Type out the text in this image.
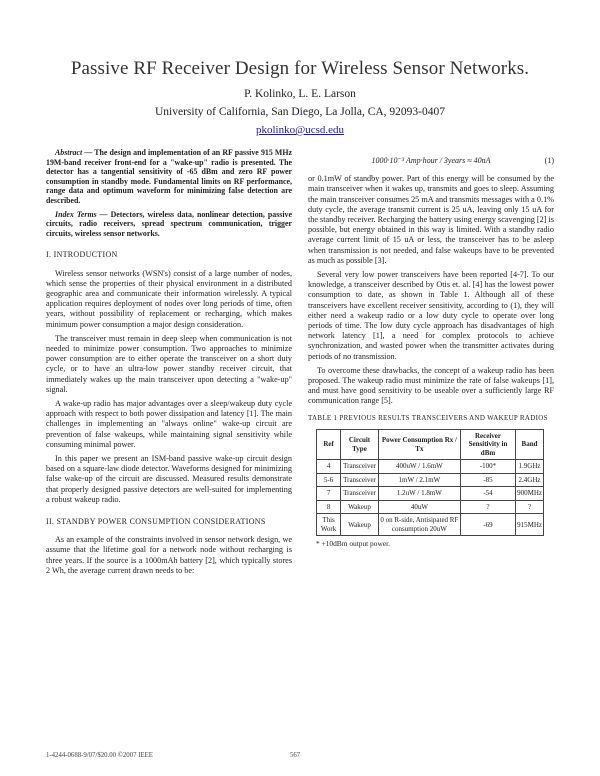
Passive RF Receiver Design for Wireless Sensor Networks.
P. Kolinko, L. E. Larson
University of California, San Diego, La Jolla, CA, 92093-0407
pkolinko@ucsd.edu

Abstract — The design and implementation of an RF passive 915 MHz 19M-band receiver front-end for a "wake-up" radio is presented. The detector has a tangential sensitivity of -65 dBm and zero RF power consumption in standby mode. Fundamental limits on RF performance, range data and optimum waveform for minimizing false detection are described.

Index Terms — Detectors, wireless data, nonlinear detection, passive circuits, radio receivers, spread spectrum communication, trigger circuits, wireless sensor networks.

I. INTRODUCTION

Wireless sensor networks (WSN's) consist of a large number of nodes, which sense the properties of their physical environment in a distributed geographic area and communicate their information wirelessly. A typical application requires deployment of nodes over long periods of time, often years, without possibility of replacement or recharging, which makes minimum power consumption a major design consideration.

The transceiver must remain in deep sleep when communication is not needed to minimize power consumption. Two approaches to minimize power consumption are to either operate the transceiver on a short duty cycle, or to have an ultra-low power standby receiver circuit, that immediately wakes up the main transceiver upon detecting a "wake-up" signal.

A wake-up radio has major advantages over a sleep/wakeup duty cycle approach with respect to both power dissipation and latency [1]. The main challenges in implementing an "always online" wake-up circuit are prevention of false wakeups, while maintaining signal sensitivity while consuming minimal power.

In this paper we present an ISM-band passive wake-up circuit design based on a square-law diode detector. Waveforms designed for minimizing false wake-up of the circuit are discussed. Measured results demonstrate that properly designed passive detectors are well-suited for implementing a robust wakeup radio.

II. STANDBY POWER CONSUMPTION CONSIDERATIONS

As an example of the constraints involved in sensor network design, we assume that the lifetime goal for a network node without recharging is three years. If the source is a 1000mAh battery [2], which typically stores 2 Wh, the average current drawn needs to be:

1000·10⁻³ Amp·hour / 3years ≈ 40nA	(1)

or 0.1mW of standby power. Part of this energy will be consumed by the main transceiver when it wakes up, transmits and goes to sleep. Assuming the main transceiver consumes 25 mA and transmits messages with a 0.1% duty cycle, the average transmit current is 25 uA, leaving only 15 uA for the standby receiver. Recharging the battery using energy scavenging [2] is possible, but energy obtained in this way is limited. With a standby radio average current limit of 15 uA or less, the transceiver has to be asleep when transmission is not needed, and false wakeups have to be prevented as much as possible [3].

Several very low power transceivers have been reported [4-7]. To our knowledge, a transceiver described by Otis et. al. [4] has the lowest power consumption to date, as shown in Table 1. Although all of these transceivers have excellent receiver sensitivity, according to (1), they will either need a wakeup radio or a low duty cycle to operate over long periods of time. The low duty cycle approach has disadvantages of high network latency [1], a need for complex protocols to achieve synchronization, and wasted power when the transmitter activates during periods of no transmission.

To overcome these drawbacks, the concept of a wakeup radio has been proposed. The wakeup radio must minimize the rate of false wakeups [1], and must have good sensitivity to be useable over a sufficiently large RF communication range [5].

TABLE 1 PREVIOUS RESULTS TRANSCEIVERS AND WAKEUP RADIOS
Ref	Circuit Type	Power Consumption Rx / Tx	Receiver Sensitivity in dBm	Band
4	Transceiver	400uW / 1.6mW	-100*	1.9GHz
5-6	Transceiver	1mW / 2.1mW	-85	2.4GHz
7	Transceiver	1.2uW / 1.8mW	-54	900MHz
8	Wakeup	40uW	?	?
This Work	Wakeup	0 on R-side, Antisipated RF consumption 20uW	-69	915MHz
* +10dBm output power.
1-4244-0688-9/07/$20.00 ©2007 IEEE	567
